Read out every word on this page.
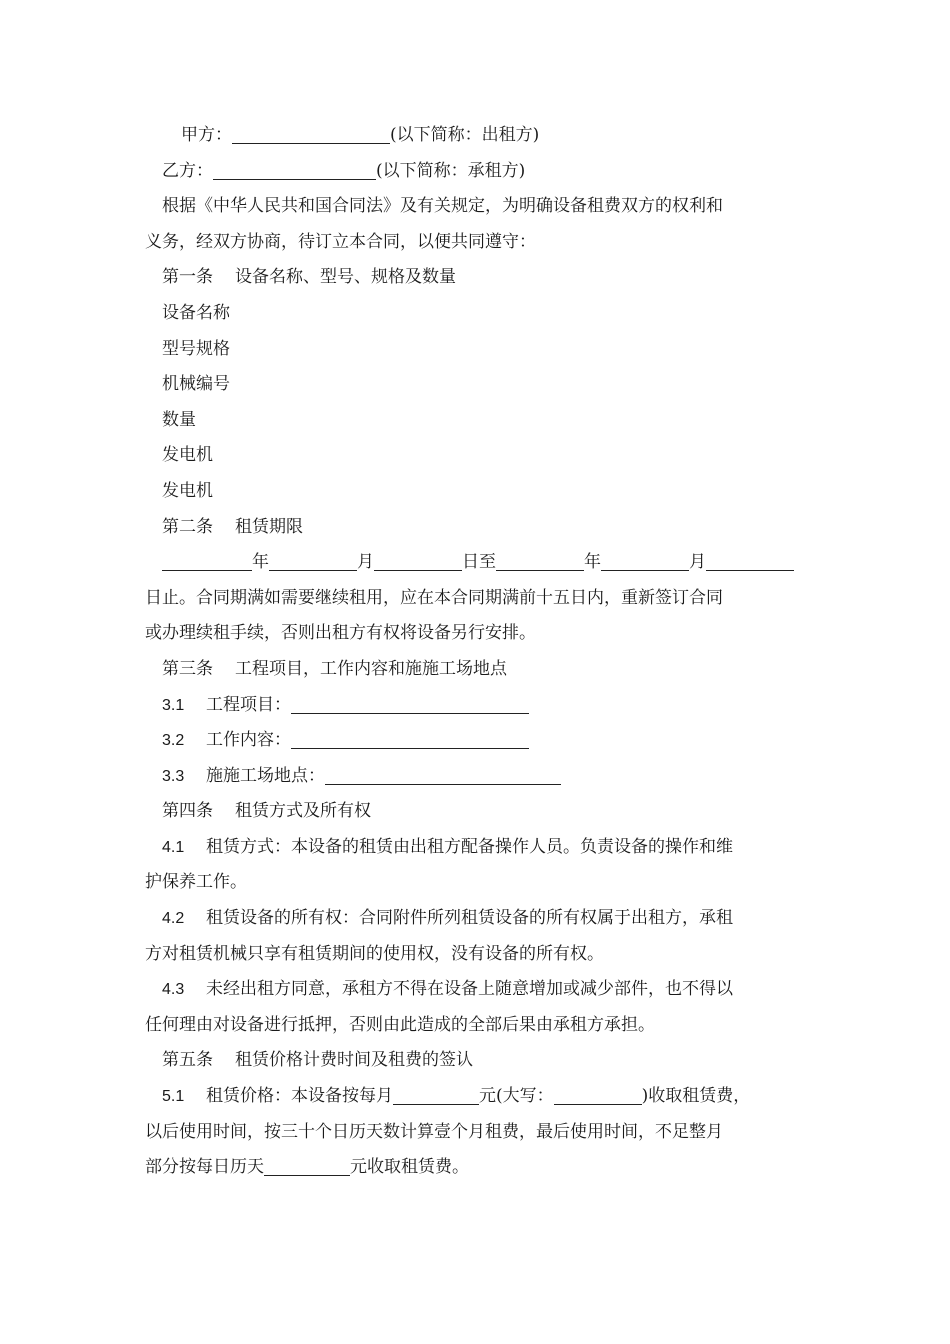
甲方：	(以下简称：出租方)
乙方：	(以下简称：承租方)
根据《中华人民共和国合同法》及有关规定，为明确设备租费双方的权利和
义务，经双方协商，待订立本合同，以便共同遵守：
第一条 设备名称、型号、规格及数量
设备名称
型号规格
机械编号
数量
发电机
发电机
第二条 租赁期限
年	月	日至	年	月
日止。合同期满如需要继续租用，应在本合同期满前十五日内，重新签订合同
或办理续租手续，否则出租方有权将设备另行安排。
第三条 工程项目，工作内容和施施工场地点
3.1 工程项目：
3.2 工作内容：
3.3 施施工场地点：
第四条 租赁方式及所有权
4.1 租赁方式：本设备的租赁由出租方配备操作人员。负责设备的操作和维
护保养工作。
4.2 租赁设备的所有权：合同附件所列租赁设备的所有权属于出租方，承租
方对租赁机械只享有租赁期间的使用权，没有设备的所有权。
4.3 未经出租方同意，承租方不得在设备上随意增加或减少部件，也不得以
任何理由对设备进行抵押，否则由此造成的全部后果由承租方承担。
第五条 租赁价格计费时间及租费的签认
5.1 租赁价格：本设备按每月	元(大写：	)收取租赁费，
以后使用时间，按三十个日历天数计算壹个月租费，最后使用时间，不足整月
部分按每日历天	元收取租赁费。
